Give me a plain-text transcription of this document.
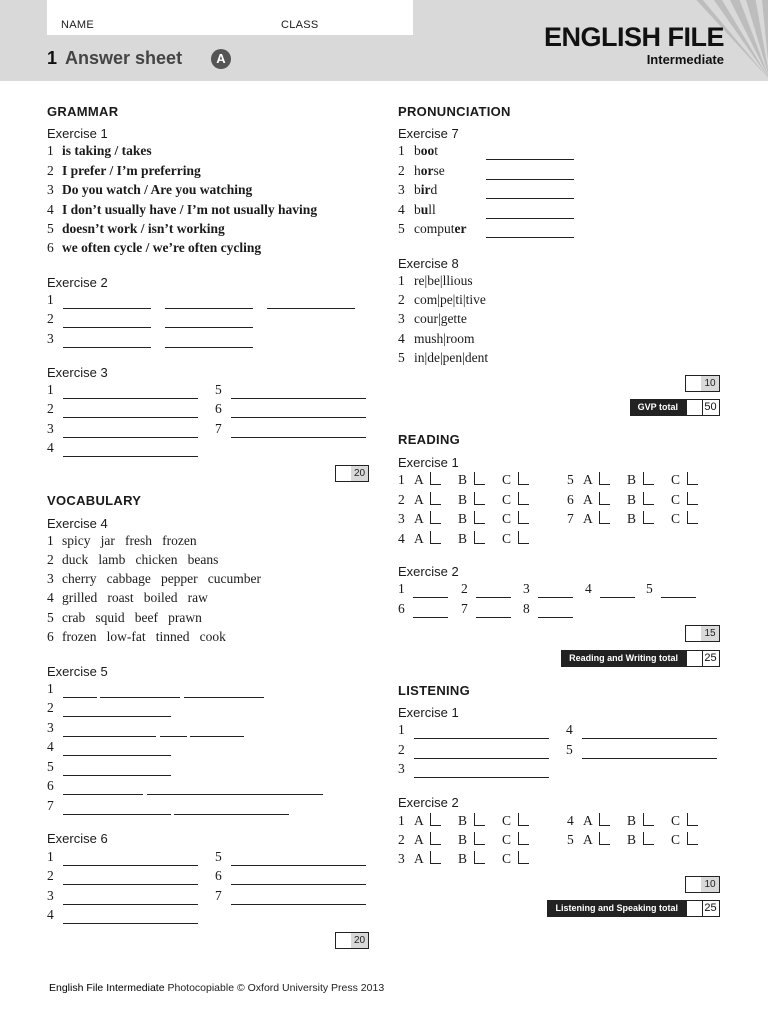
NAME	CLASS
1 Answer sheet	A
ENGLISH FILE
Intermediate
GRAMMAR
Exercise 1
Exercise 2
Exercise 3
20
VOCABULARY
Exercise 4
Exercise 5
Exercise 6
20
PRONUNCIATION
Exercise 7
Exercise 8
10
GVP total	50
READING
Exercise 1
Exercise 2
15
Reading and Writing total	25
LISTENING
Exercise 1
Exercise 2
10
Listening and Speaking total	25
English File Intermediate Photocopiable © Oxford University Press 2013
1 is taking / takes
2 I prefer / I’m preferring
3 Do you watch / Are you watching
4 I don’t usually have / I’m not usually having
5 doesn’t work / isn’t working
6 we often cycle / we’re often cycling
1
2
3
1
2
3
4
5
6
7
1 spicy   jar   fresh   frozen
2 duck   lamb   chicken   beans
3 cherry   cabbage   pepper   cucumber
4 grilled   roast   boiled   raw
5 crab   squid   beef   prawn
6 frozen   low-fat   tinned   cook
1
2
3
4
5
6
7
1
2
3
4
5
6
7
1 boot
2 horse
3 bird
4 bull
5 computer
1 re|be|llious
2 com|pe|ti|tive
3 cour|gette
4 mush|room
5 in|de|pen|dent
1 A	B	C
2 A	B	C
3 A	B	C
4 A	B	C
5 A	B	C
6 A	B	C
7 A	B	C
1	2	3	4	5
6	7	8
1
2
3
4
5
1 A	B	C
2 A	B	C
3 A	B	C
4 A	B	C
5 A	B	C
